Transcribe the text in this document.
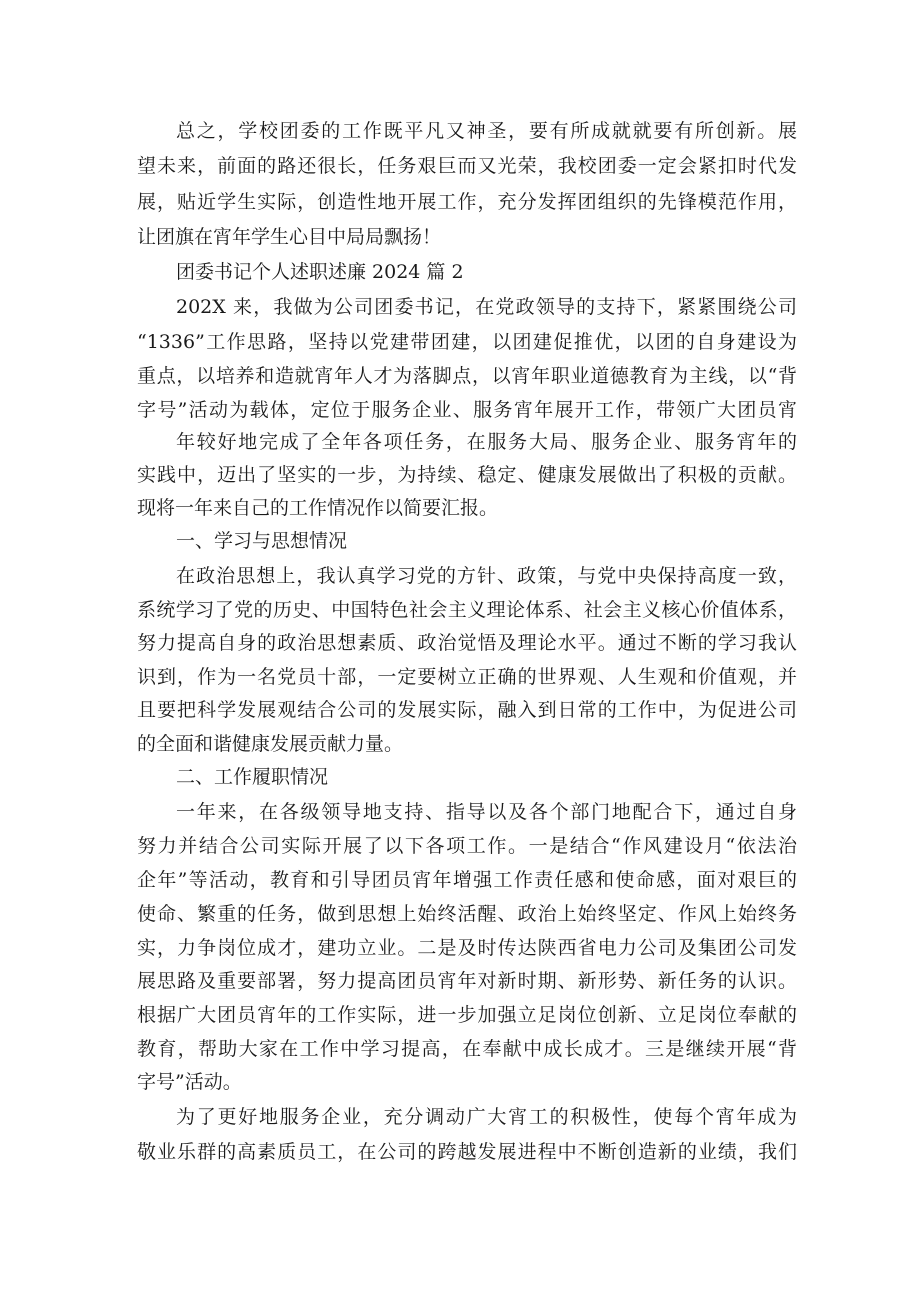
总之，学校团委的工作既平凡又神圣，要有所成就就要有所创新。展
望未来，前面的路还很长，任务艰巨而又光荣，我校团委一定会紧扣时代发
展，贴近学生实际，创造性地开展工作，充分发挥团组织的先锋模范作用，
让团旗在宵年学生心目中局局飘扬！
团委书记个人述职述廉 2024 篇 2
202X 来，我做为公司团委书记，在党政领导的支持下，紧紧围绕公司
“1336”工作思路，坚持以党建带团建，以团建促推优，以团的自身建设为
重点，以培养和造就宵年人才为落脚点，以宵年职业道德教育为主线，以“背
字号”活动为载体，定位于服务企业、服务宵年展开工作，带领广大团员宵
年较好地完成了全年各项任务，在服务大局、服务企业、服务宵年的
实践中，迈出了坚实的一步，为持续、稳定、健康发展做出了积极的贡献。
现将一年来自己的工作情况作以简要汇报。
一、学习与思想情况
在政治思想上，我认真学习党的方针、政策，与党中央保持高度一致，
系统学习了党的历史、中国特色社会主义理论体系、社会主义核心价值体系，
努力提高自身的政治思想素质、政治觉悟及理论水平。通过不断的学习我认
识到，作为一名党员十部，一定要树立正确的世界观、人生观和价值观，并
且要把科学发展观结合公司的发展实际，融入到日常的工作中，为促进公司
的全面和谐健康发展贡献力量。
二、工作履职情况
一年来，在各级领导地支持、指导以及各个部门地配合下，通过自身
努力并结合公司实际开展了以下各项工作。一是结合“作风建设月“依法治
企年”等活动，教育和引导团员宵年增强工作责任感和使命感，面对艰巨的
使命、繁重的任务，做到思想上始终活醒、政治上始终坚定、作风上始终务
实，力争岗位成才，建功立业。二是及时传达陕西省电力公司及集团公司发
展思路及重要部署，努力提高团员宵年对新时期、新形势、新任务的认识。
根据广大团员宵年的工作实际，进一步加强立足岗位创新、立足岗位奉献的
教育，帮助大家在工作中学习提高，在奉献中成长成才。三是继续开展“背
字号”活动。
为了更好地服务企业，充分调动广大宵工的积极性，使每个宵年成为
敬业乐群的高素质员工，在公司的跨越发展进程中不断创造新的业绩，我们
